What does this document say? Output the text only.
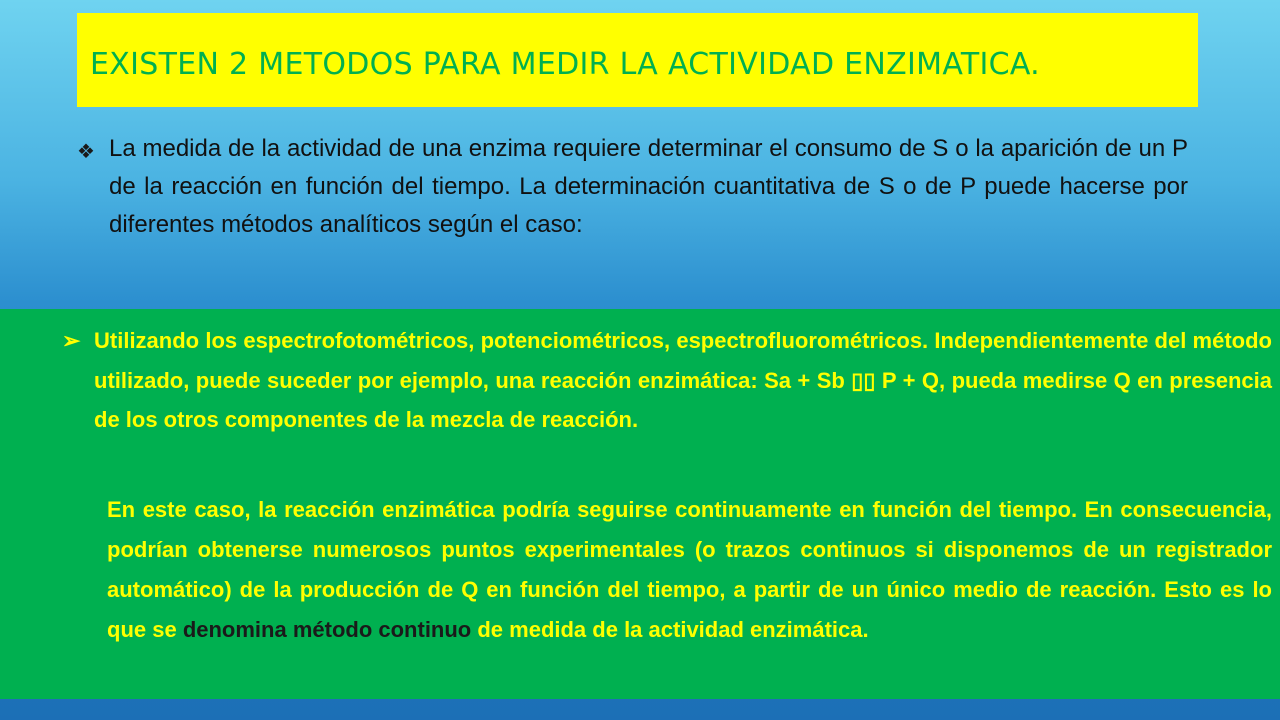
EXISTEN 2 METODOS PARA MEDIR LA ACTIVIDAD ENZIMATICA.
❖ La medida de la actividad de una enzima requiere determinar el consumo de S o la aparición de un P de la reacción en función del tiempo. La determinación cuantitativa de S o de P puede hacerse por diferentes métodos analíticos según el caso:

➢ Utilizando los espectrofotométricos, potenciométricos, espectrofluorométricos. Independientemente del método utilizado, puede suceder por ejemplo, una reacción enzimática: Sa + Sb ▯▯ P + Q, pueda medirse Q en presencia de los otros componentes de la mezcla de reacción.

En este caso, la reacción enzimática podría seguirse continuamente en función del tiempo. En consecuencia, podrían obtenerse numerosos puntos experimentales (o trazos continuos si disponemos de un registrador automático) de la producción de Q en función del tiempo, a partir de un único medio de reacción. Esto es lo que se denomina método continuo de medida de la actividad enzimática.
